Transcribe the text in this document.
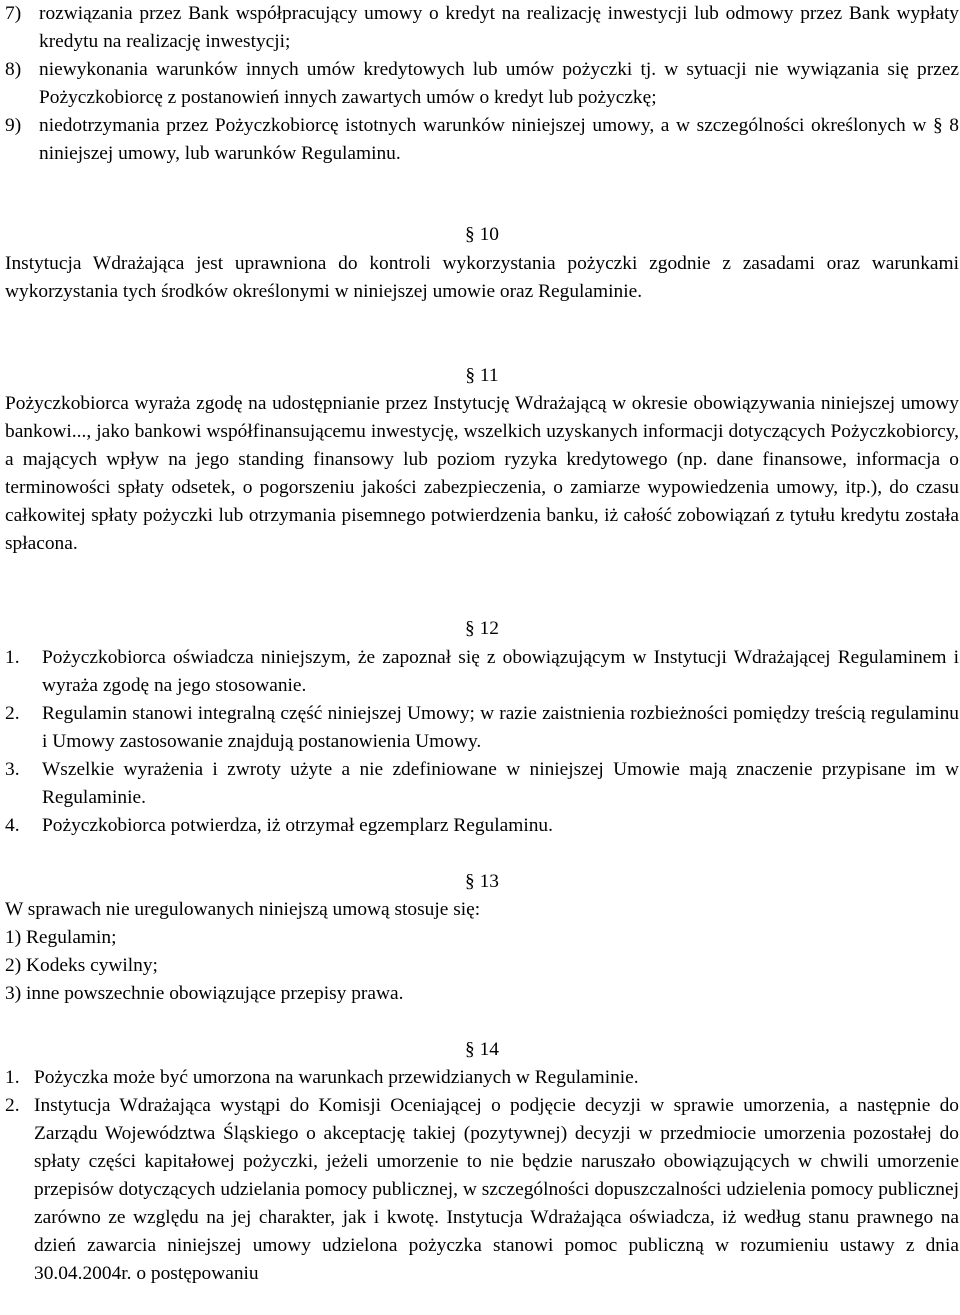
7) rozwiązania przez Bank współpracujący umowy o kredyt na realizację inwestycji lub odmowy przez Bank wypłaty kredytu na realizację inwestycji;
8) niewykonania warunków innych umów kredytowych lub umów pożyczki tj. w sytuacji nie wywiązania się przez Pożyczkobiorcę z postanowień innych zawartych umów o kredyt lub pożyczkę;
9) niedotrzymania przez Pożyczkobiorcę istotnych warunków niniejszej umowy, a w szczególności określonych w § 8 niniejszej umowy, lub warunków Regulaminu.
§ 10

Instytucja Wdrażająca jest uprawniona do kontroli wykorzystania pożyczki zgodnie z zasadami oraz warunkami wykorzystania tych środków określonymi w niniejszej umowie oraz Regulaminie.

§ 11

Pożyczkobiorca wyraża zgodę na udostępnianie przez Instytucję Wdrażającą w okresie obowiązywania niniejszej umowy bankowi..., jako bankowi współfinansującemu inwestycję, wszelkich uzyskanych informacji dotyczących Pożyczkobiorcy, a mających wpływ na jego standing finansowy lub poziom ryzyka kredytowego (np. dane finansowe, informacja o terminowości spłaty odsetek, o pogorszeniu jakości zabezpieczenia, o zamiarze wypowiedzenia umowy, itp.), do czasu całkowitej spłaty pożyczki lub otrzymania pisemnego potwierdzenia banku, iż całość zobowiązań z tytułu kredytu została spłacona.

§ 12
1.	Pożyczkobiorca oświadcza niniejszym, że zapoznał się z obowiązującym w Instytucji Wdrażającej Regulaminem i wyraża zgodę na jego stosowanie.
2.	Regulamin stanowi integralną część niniejszej Umowy; w razie zaistnienia rozbieżności pomiędzy treścią regulaminu i Umowy zastosowanie znajdują postanowienia Umowy.
3.	Wszelkie wyrażenia i zwroty użyte a nie zdefiniowane w niniejszej Umowie mają znaczenie przypisane im w Regulaminie.
4.	Pożyczkobiorca potwierdza, iż otrzymał egzemplarz Regulaminu.
§ 13

W sprawach nie uregulowanych niniejszą umową stosuje się:

1) Regulamin;

2) Kodeks cywilny;

3) inne powszechnie obowiązujące przepisy prawa.

§ 14
1. Pożyczka może być umorzona na warunkach przewidzianych w Regulaminie.
2. Instytucja Wdrażająca wystąpi do Komisji Oceniającej o podjęcie decyzji w sprawie umorzenia, a następnie do Zarządu Województwa Śląskiego o akceptację takiej (pozytywnej) decyzji w przedmiocie umorzenia pozostałej do spłaty części kapitałowej pożyczki, jeżeli umorzenie to nie będzie naruszało obowiązujących w chwili umorzenie przepisów dotyczących udzielania pomocy publicznej, w szczególności dopuszczalności udzielenia pomocy publicznej zarówno ze względu na jej charakter, jak i kwotę. Instytucja Wdrażająca oświadcza, iż według stanu prawnego na dzień zawarcia niniejszej umowy udzielona pożyczka stanowi pomoc publiczną w rozumieniu ustawy z dnia 30.04.2004r. o postępowaniu
